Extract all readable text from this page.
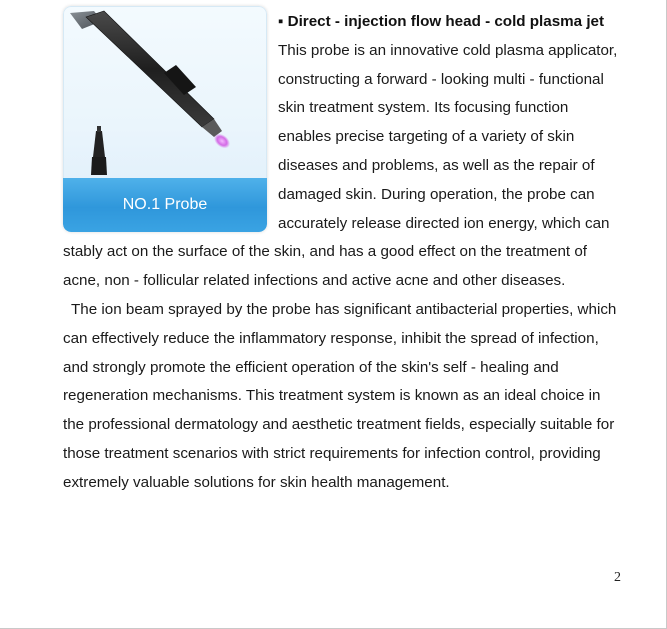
NO.1 Probe

▪ Direct - injection flow head - cold plasma jet
This probe is an innovative cold plasma applicator, constructing a forward - looking multi - functional skin treatment system. Its focusing function enables precise targeting of a variety of skin diseases and problems, as well as the repair of damaged skin. During operation, the probe can accurately release directed ion energy, which can stably act on the surface of the skin, and has a good effect on the treatment of acne, non - follicular related infections and active acne and other diseases.

The ion beam sprayed by the probe has significant antibacterial properties, which can effectively reduce the inflammatory response, inhibit the spread of infection, and strongly promote the efficient operation of the skin's self - healing and regeneration mechanisms. This treatment system is known as an ideal choice in the professional dermatology and aesthetic treatment fields, especially suitable for those treatment scenarios with strict requirements for infection control, providing extremely valuable solutions for skin health management.

2
